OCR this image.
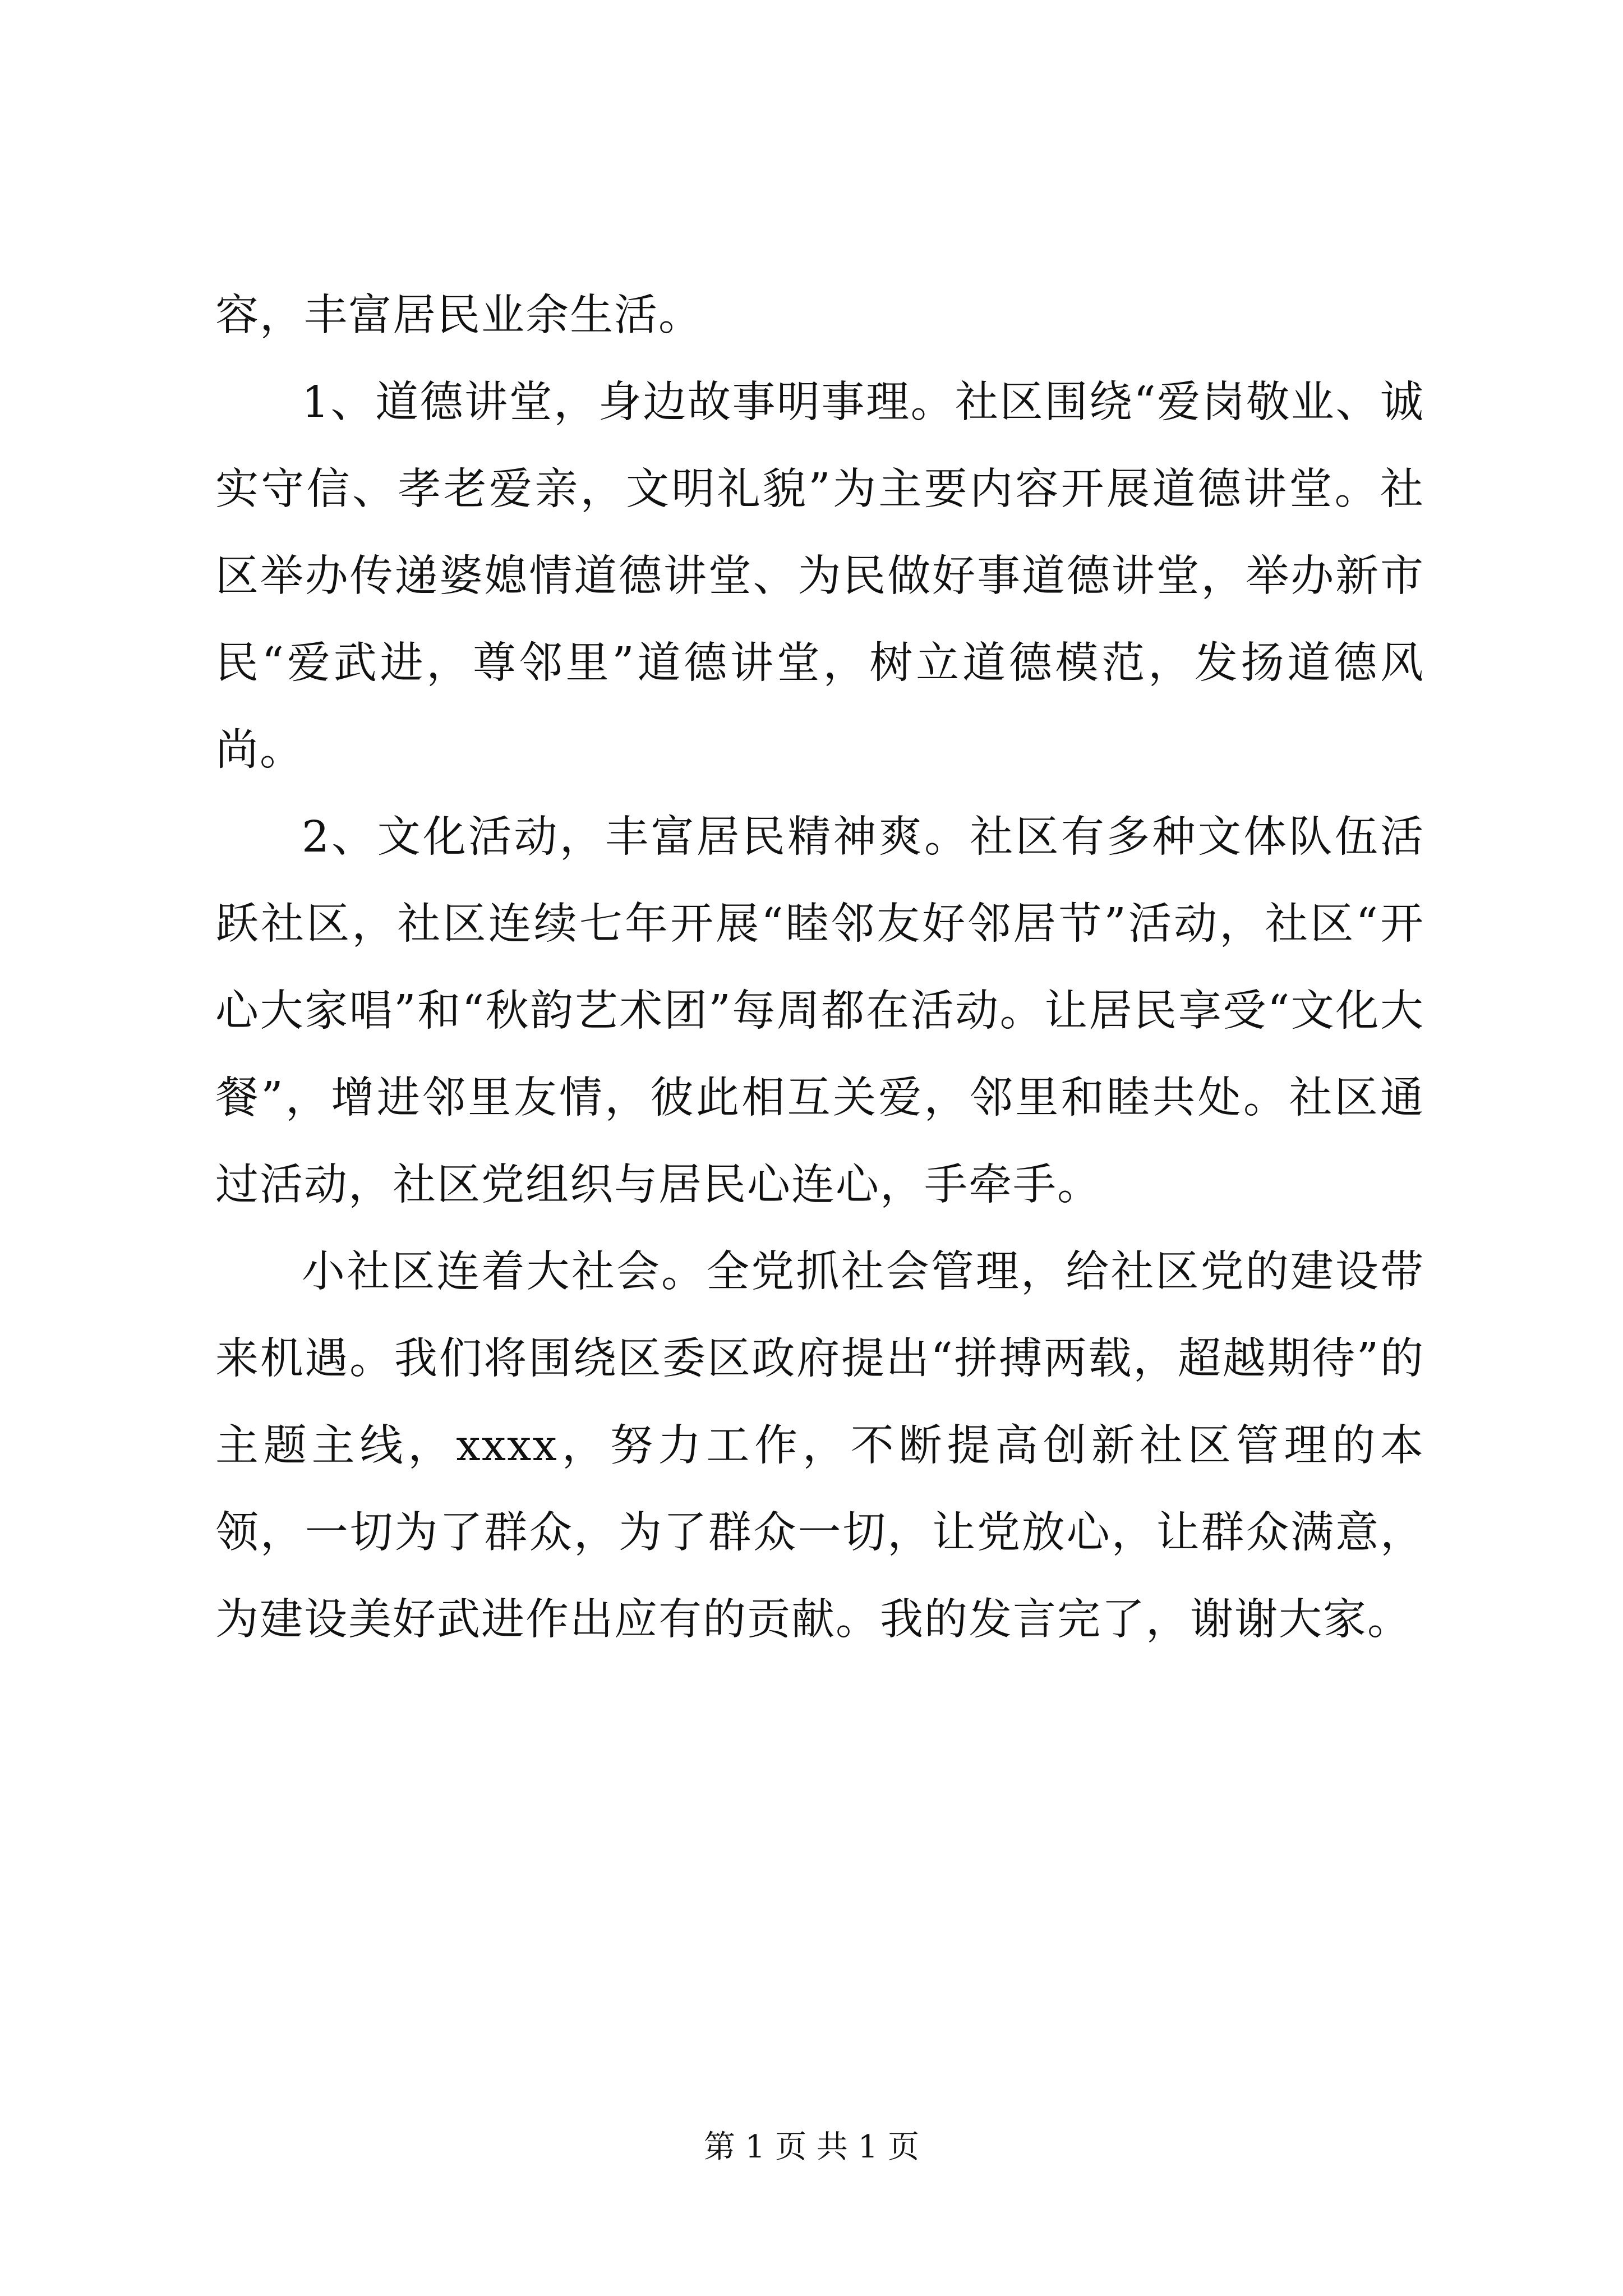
容，丰富居民业余生活。

1、道德讲堂，身边故事明事理。社区围绕“爱岗敬业、诚实守信、孝老爱亲，文明礼貌”为主要内容开展道德讲堂。社区举办传递婆媳情道德讲堂、为民做好事道德讲堂，举办新市民“爱武进，尊邻里”道德讲堂，树立道德模范，发扬道德风尚。

2、文化活动，丰富居民精神爽。社区有多种文体队伍活跃社区，社区连续七年开展“睦邻友好邻居节”活动，社区“开心大家唱”和“秋韵艺术团”每周都在活动。让居民享受“文化大餐”，增进邻里友情，彼此相互关爱，邻里和睦共处。社区通过活动，社区党组织与居民心连心，手牵手。

小社区连着大社会。全党抓社会管理，给社区党的建设带来机遇。我们将围绕区委区政府提出“拼搏两载，超越期待”的主题主线，xxxx，努力工作，不断提高创新社区管理的本领，一切为了群众，为了群众一切，让党放心，让群众满意，为建设美好武进作出应有的贡献。我的发言完了，谢谢大家。

第 1 页 共 1 页
